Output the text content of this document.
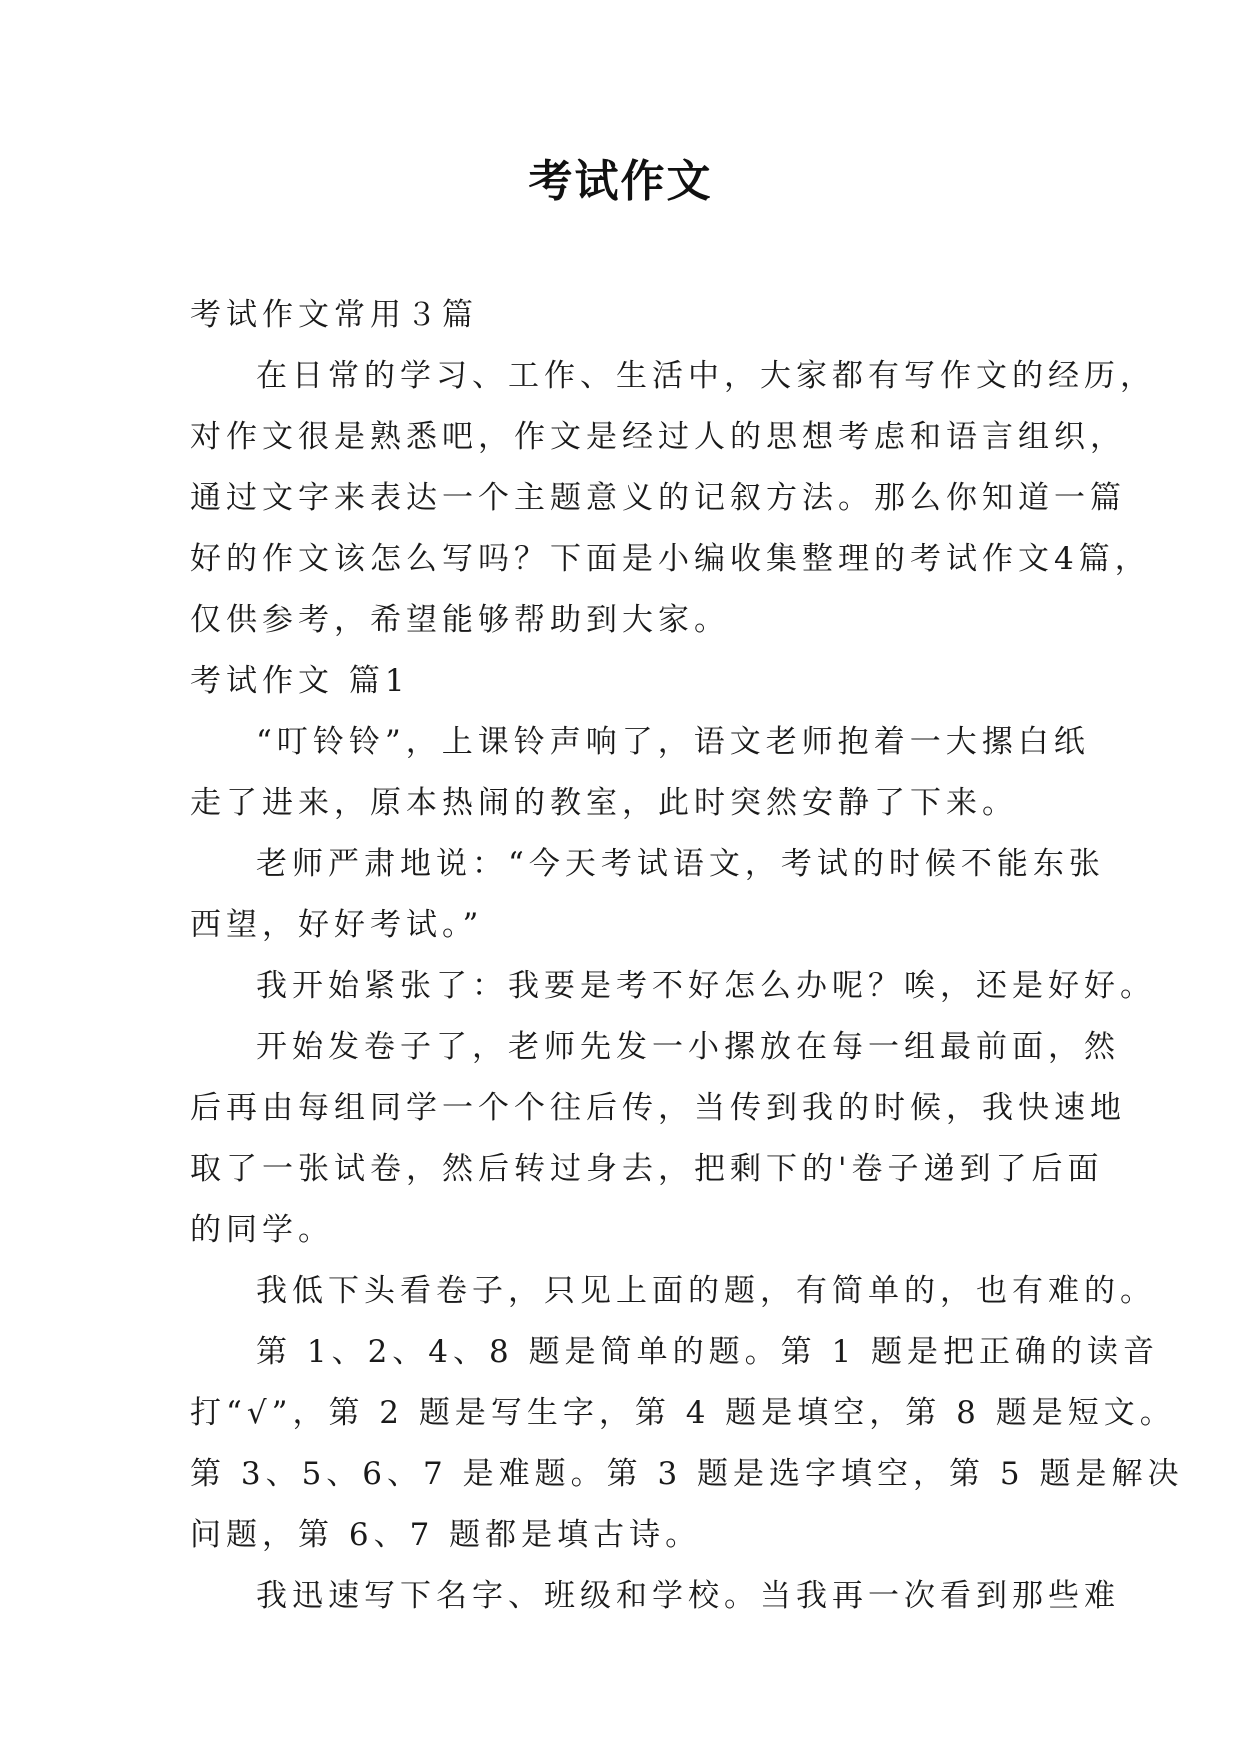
考试作文
考试作文常用３篇
在日常的学习、工作、生活中，大家都有写作文的经历，
对作文很是熟悉吧，作文是经过人的思想考虑和语言组织，
通过文字来表达一个主题意义的记叙方法。那么你知道一篇
好的作文该怎么写吗？下面是小编收集整理的考试作文4篇，
仅供参考，希望能够帮助到大家。
考试作文 篇1
“叮铃铃”，上课铃声响了，语文老师抱着一大摞白纸
走了进来，原本热闹的教室，此时突然安静了下来。
老师严肃地说：“今天考试语文，考试的时候不能东张
西望，好好考试。”
我开始紧张了：我要是考不好怎么办呢？唉，还是好好。
开始发卷子了，老师先发一小摞放在每一组最前面，然
后再由每组同学一个个往后传，当传到我的时候，我快速地
取了一张试卷，然后转过身去，把剩下的'卷子递到了后面
的同学。
我低下头看卷子，只见上面的题，有简单的，也有难的。
第 1、2、4、8 题是简单的题。第 1 题是把正确的读音
打“√”，第 2 题是写生字，第 4 题是填空，第 8 题是短文。
第 3、5、6、7 是难题。第 3 题是选字填空，第 5 题是解决
问题，第 6、7 题都是填古诗。
我迅速写下名字、班级和学校。当我再一次看到那些难
